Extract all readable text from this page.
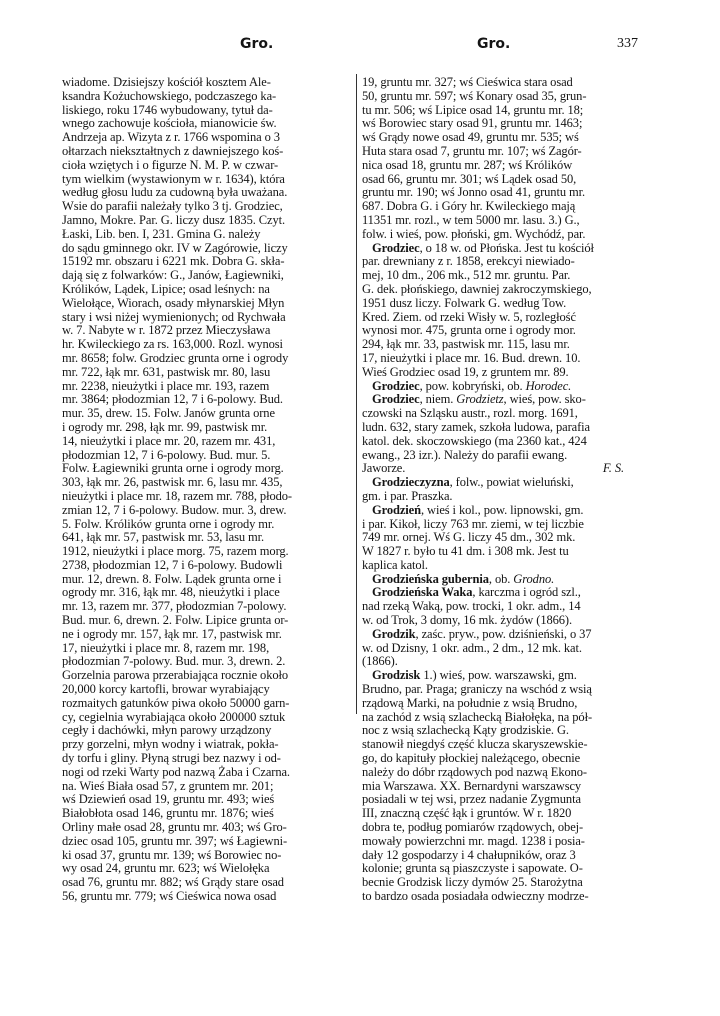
Gro.	Gro.	337
wiadome. Dzisiejszy kościół kosztem Ale-
ksandra Kożuchowskiego, podczaszego ka-
liskiego, roku 1746 wybudowany, tytuł da-
wnego zachowuje kościoła, mianowicie św.
Andrzeja ap. Wizyta z r. 1766 wspomina o 3
ołtarzach niekształtnych z dawniejszego koś-
cioła wziętych i o figurze N. M. P. w czwar-
tym wielkim (wystawionym w r. 1634), która
według głosu ludu za cudowną była uważana.
Wsie do parafii należały tylko 3 tj. Grodziec,
Jamno, Mokre. Par. G. liczy dusz 1835. Czyt.
Łaski, Lib. ben. I, 231. Gmina G. należy
do sądu gminnego okr. IV w Zagórowie, liczy
15192 mr. obszaru i 6221 mk. Dobra G. skła-
dają się z folwarków: G., Janów, Łagiewniki,
Królików, Lądek, Lipice; osad leśnych: na
Wielołące, Wiorach, osady młynarskiej Młyn
stary i wsi niżej wymienionych; od Rychwała
w. 7. Nabyte w r. 1872 przez Mieczysława
hr. Kwileckiego za rs. 163,000. Rozl. wynosi
mr. 8658; folw. Grodziec grunta orne i ogrody
mr. 722, łąk mr. 631, pastwisk mr. 80, lasu
mr. 2238, nieużytki i place mr. 193, razem
mr. 3864; płodozmian 12, 7 i 6-polowy. Bud.
mur. 35, drew. 15. Folw. Janów grunta orne
i ogrody mr. 298, łąk mr. 99, pastwisk mr.
14, nieużytki i place mr. 20, razem mr. 431,
płodozmian 12, 7 i 6-polowy. Bud. mur. 5.
Folw. Łagiewniki grunta orne i ogrody morg.
303, łąk mr. 26, pastwisk mr. 6, lasu mr. 435,
nieużytki i place mr. 18, razem mr. 788, płodo-
zmian 12, 7 i 6-polowy. Budow. mur. 3, drew.
5. Folw. Królików grunta orne i ogrody mr.
641, łąk mr. 57, pastwisk mr. 53, lasu mr.
1912, nieużytki i place morg. 75, razem morg.
2738, płodozmian 12, 7 i 6-polowy. Budowli
mur. 12, drewn. 8. Folw. Lądek grunta orne i
ogrody mr. 316, łąk mr. 48, nieużytki i place
mr. 13, razem mr. 377, płodozmian 7-polowy.
Bud. mur. 6, drewn. 2. Folw. Lipice grunta or-
ne i ogrody mr. 157, łąk mr. 17, pastwisk mr.
17, nieużytki i place mr. 8, razem mr. 198,
płodozmian 7-polowy. Bud. mur. 3, drewn. 2.
Gorzelnia parowa przerabiająca rocznie około
20,000 korcy kartofli, browar wyrabiający
rozmaitych gatunków piwa około 50000 garn-
cy, cegielnia wyrabiająca około 200000 sztuk
cegły i dachówki, młyn parowy urządzony
przy gorzelni, młyn wodny i wiatrak, pokła-
dy torfu i gliny. Płyną strugi bez nazwy i od-
nogi od rzeki Warty pod nazwą Żaba i Czarna.
na. Wieś Biała osad 57, z gruntem mr. 201;
wś Dziewień osad 19, gruntu mr. 493; wieś
Białobłota osad 146, gruntu mr. 1876; wieś
Orliny małe osad 28, gruntu mr. 403; wś Gro-
dziec osad 105, gruntu mr. 397; wś Łagiewni-
ki osad 37, gruntu mr. 139; wś Borowiec no-
wy osad 24, gruntu mr. 623; wś Wielołęka
osad 76, gruntu mr. 882; wś Grądy stare osad
56, gruntu mr. 779; wś Cieświca nowa osad
19, gruntu mr. 327; wś Cieświca stara osad
50, gruntu mr. 597; wś Konary osad 35, grun-
tu mr. 506; wś Lipice osad 14, gruntu mr. 18;
wś Borowiec stary osad 91, gruntu mr. 1463;
wś Grądy nowe osad 49, gruntu mr. 535; wś
Huta stara osad 7, gruntu mr. 107; wś Zagór-
nica osad 18, gruntu mr. 287; wś Królików
osad 66, gruntu mr. 301; wś Lądek osad 50,
gruntu mr. 190; wś Jonno osad 41, gruntu mr.
687. Dobra G. i Góry hr. Kwileckiego mają
11351 mr. rozl., w tem 5000 mr. lasu. 3.) G.,
folw. i wieś, pow. płoński, gm. Wychódź, par.
Grodziec, o 18 w. od Płońska. Jest tu kościół
par. drewniany z r. 1858, erekcyi niewiado-
mej, 10 dm., 206 mk., 512 mr. gruntu. Par.
G. dek. płońskiego, dawniej zakroczymskiego,
1951 dusz liczy. Folwark G. według Tow.
Kred. Ziem. od rzeki Wisły w. 5, rozległość
wynosi mor. 475, grunta orne i ogrody mor.
294, łąk mr. 33, pastwisk mr. 115, lasu mr.
17, nieużytki i place mr. 16. Bud. drewn. 10.
Wieś Grodziec osad 19, z gruntem mr. 89.
Grodziec, pow. kobryński, ob. Horodec.
Grodziec, niem. Grodzietz, wieś, pow. sko-
czowski na Szląsku austr., rozl. morg. 1691,
ludn. 632, stary zamek, szkoła ludowa, parafia
katol. dek. skoczowskiego (ma 2360 kat., 424
ewang., 23 izr.). Należy do parafii ewang.
Jaworze.	F. S.
Grodzieczyzna, folw., powiat wieluński,
gm. i par. Praszka.
Grodzień, wieś i kol., pow. lipnowski, gm.
i par. Kikoł, liczy 763 mr. ziemi, w tej liczbie
749 mr. ornej. Wś G. liczy 45 dm., 302 mk.
W 1827 r. było tu 41 dm. i 308 mk. Jest tu
kaplica katol.
Grodzieńska gubernia, ob. Grodno.
Grodzieńska Waka, karczma i ogród szl.,
nad rzeką Waką, pow. trocki, 1 okr. adm., 14
w. od Trok, 3 domy, 16 mk. żydów (1866).
Grodzik, zaśc. pryw., pow. dziśnieński, o 37
w. od Dzisny, 1 okr. adm., 2 dm., 12 mk. kat.
(1866).
Grodzisk 1.) wieś, pow. warszawski, gm.
Brudno, par. Praga; graniczy na wschód z wsią
rządową Marki, na południe z wsią Brudno,
na zachód z wsią szlachecką Białołęka, na pół-
noc z wsią szlachecką Kąty grodziskie. G.
stanowił niegdyś część klucza skaryszewskie-
go, do kapituły płockiej należącego, obecnie
należy do dóbr rządowych pod nazwą Ekono-
mia Warszawa. XX. Bernardyni warszawscy
posiadali w tej wsi, przez nadanie Zygmunta
III, znaczną część łąk i gruntów. W r. 1820
dobra te, podług pomiarów rządowych, obej-
mowały powierzchni mr. magd. 1238 i posia-
dały 12 gospodarzy i 4 chałupników, oraz 3
kolonie; grunta są piaszczyste i sapowate. O-
becnie Grodzisk liczy dymów 25. Starożytna
to bardzo osada posiadała odwieczny modrze-
